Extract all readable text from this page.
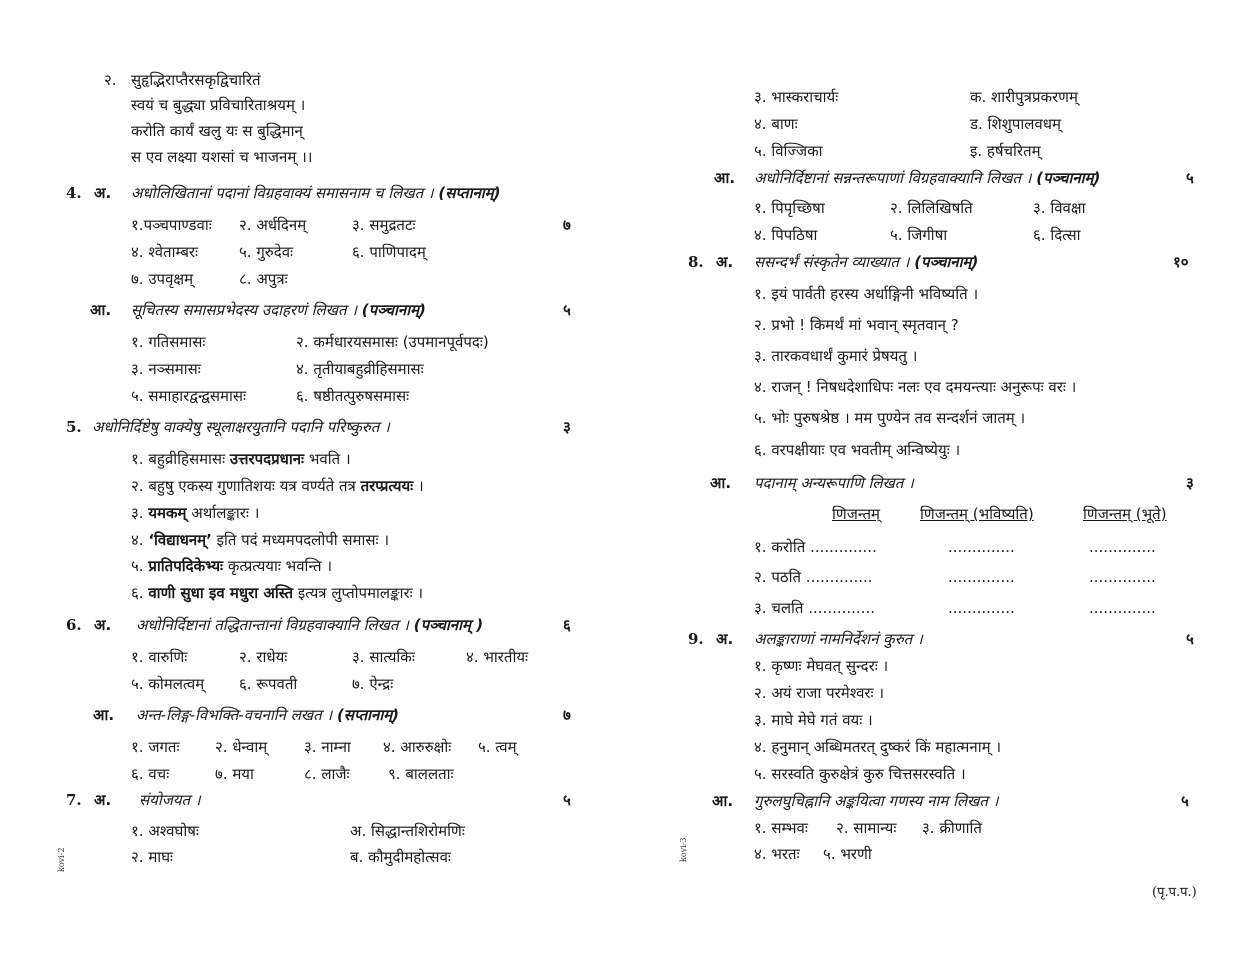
२. सुहृद्भिराप्तैरसकृद्विचारितं
स्वयं च बुद्ध्या प्रविचारिताश्रयम् ।
करोति कार्यं खलु यः स बुद्धिमान्
स एव लक्ष्या यशसां च भाजनम् ।।
4. अ. अधोलिखितानां पदानां विग्रहवाक्यं समासनाम च लिखत । (सप्तानाम्)
७
१.पञ्चपाण्डवाः २. अर्धदिनम्	३. समुद्रतटः
४. श्वेताम्बरः	५. गुरुदेवः	६. पाणिपादम्
७. उपवृक्षम्	८. अपुत्रः
आ. सूचितस्य समासप्रभेदस्य उदाहरणं लिखत । (पञ्चानाम्)	५
१. गतिसमासः	२. कर्मधारयसमासः (उपमानपूर्वपदः)
३. नञ्समासः	४. तृतीयाबहुव्रीहिसमासः
५. समाहारद्वन्द्वसमासः	६. षष्ठीतत्पुरुषसमासः
5. अधोनिर्दिष्टेषु वाक्येषु स्थूलाक्षरयुतानि पदानि परिष्कुरुत ।	३
१. बहुव्रीहिसमासः उत्तरपदप्रधानः भवति ।
२. बहुषु एकस्य गुणातिशयः यत्र वर्ण्यते तत्र तरप्प्रत्ययः ।
३. यमकम् अर्थालङ्कारः ।
४. ‘विद्याधनम्’ इति पदं मध्यमपदलोपी समासः ।
५. प्रातिपदिकेभ्यः कृत्प्रत्ययाः भवन्ति ।
६. वाणी सुधा इव मधुरा अस्ति इत्यत्र लुप्तोपमालङ्कारः ।
6. अ. अधोनिर्दिष्टानां तद्धितान्तानां विग्रहवाक्यानि लिखत । (पञ्चानाम् )	६
१. वारुणिः	२. राधेयः	३. सात्यकिः	४. भारतीयः
५. कोमलत्वम् ६. रूपवती	७. ऐन्द्रः
आ. अन्त-लिङ्ग-विभक्ति-वचनानि लखत । (सप्तानाम्)	७
१. जगतः २. धेन्वाम् ३. नाम्ना ४. आरुरुक्षोः ५. त्वम्
६. वचः	७. मया	८. लाजैः	९. बाललताः
7. अ. संयोजयत ।	५
१. अश्वघोषः	अ. सिद्धान्तशिरोमणिः
२. माघः	ब. कौमुदीमहोत्सवः
kovi-2
३. भास्कराचार्यः	क. शारीपुत्रप्रकरणम्
४. बाणः	ड. शिशुपालवधम्
५. विज्जिका	इ. हर्षचरितम्
आ. अधोनिर्दिष्टानां सन्नन्तरूपाणां विग्रहवाक्यानि लिखत । (पञ्चानाम्)	५
१. पिपृच्छिषा	२. लिलिखिषति	३. विवक्षा
४. पिपठिषा	५. जिगीषा	६. दित्सा
8. अ. ससन्दर्भं संस्कृतेन व्याख्यात । (पञ्चानाम्)	१०
१. इयं पार्वती हरस्य अर्धाङ्गिनी भविष्यति ।
२. प्रभो ! किमर्थं मां भवान् स्मृतवान् ?
३. तारकवधार्थं कुमारं प्रेषयतु ।
४. राजन् ! निषधदेशाधिपः नलः एव दमयन्त्याः अनुरूपः वरः ।
५. भोः पुरुषश्रेष्ठ । मम पुण्येन तव सन्दर्शनं जातम् ।
६. वरपक्षीयाः एव भवतीम् अन्विष्येयुः ।
आ. पदानाम् अन्यरूपाणि लिखत ।	३
णिजन्तम्	णिजन्तम् (भविष्यति)	णिजन्तम् (भूते)
१. करोति ..............	..............	..............
२. पठति ..............	..............	..............
३. चलति ..............	..............	..............
9. अ. अलङ्काराणां नामनिर्देशनं कुरुत ।	५
१. कृष्णः मेघवत् सुन्दरः ।
२. अयं राजा परमेश्वरः ।
३. माघे मेघे गतं वयः ।
४. हनुमान् अब्धिमतरत् दुष्करं किं महात्मनाम् ।
५. सरस्वति कुरुक्षेत्रं कुरु चित्तसरस्वति ।
आ. गुरुलघुचिह्नानि अङ्कयित्वा गणस्य नाम लिखत ।	५
१. सम्भवः २. सामान्यः ३. क्रीणाति
४. भरतः ५. भरणी
(पृ.प.प.)
kovi-3
